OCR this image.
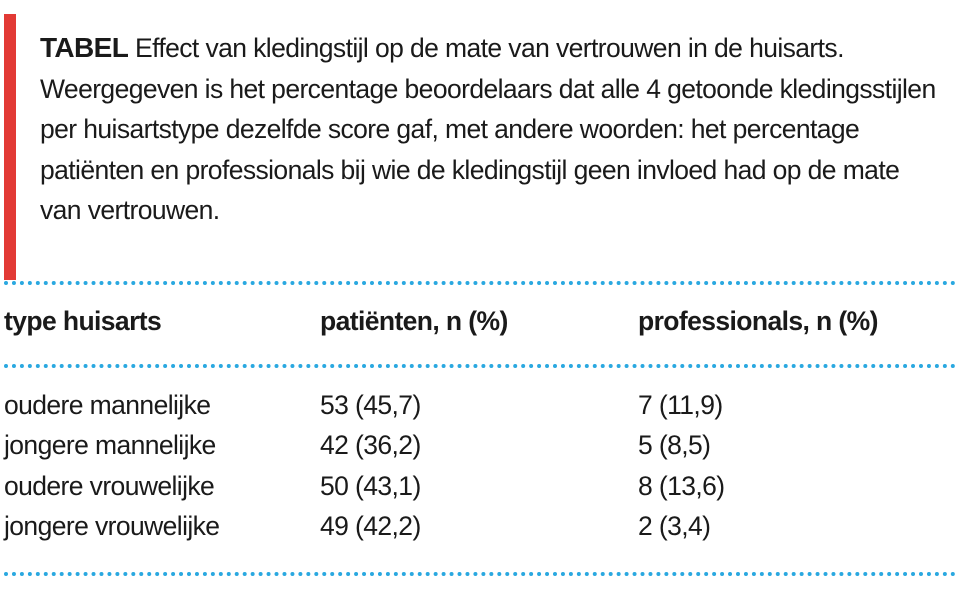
TABEL Effect van kledingstijl op de mate van vertrouwen in de huisarts. Weergegeven is het percentage beoordelaars dat alle 4 getoonde kledingsstijlen per huisartstype dezelfde score gaf, met andere woorden: het percentage patiënten en professionals bij wie de kledingstijl geen invloed had op de mate van vertrouwen.
type huisarts	patiënten, n (%)	professionals, n (%)
oudere mannelijke	53 (45,7)	7 (11,9)
jongere mannelijke	42 (36,2)	5 (8,5)
oudere vrouwelijke	50 (43,1)	8 (13,6)
jongere vrouwelijke	49 (42,2)	2 (3,4)
